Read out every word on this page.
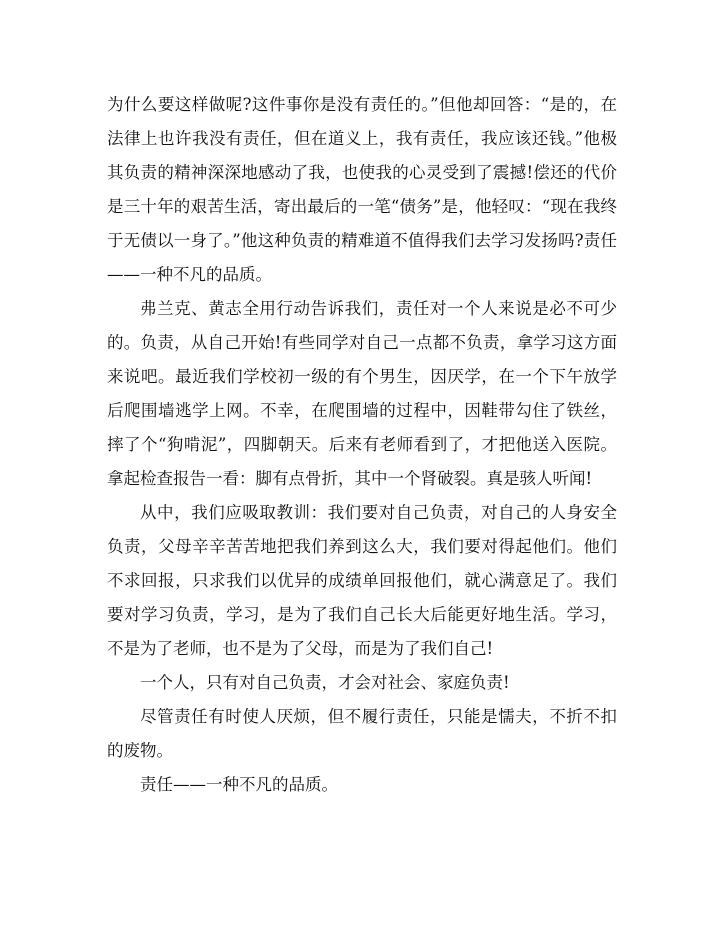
为什么要这样做呢?这件事你是没有责任的。”但他却回答：“是的，在法律上也许我没有责任，但在道义上，我有责任，我应该还钱。”他极其负责的精神深深地感动了我，也使我的心灵受到了震撼!偿还的代价是三十年的艰苦生活，寄出最后的一笔“债务”是，他轻叹：“现在我终于无债以一身了。”他这种负责的精难道不值得我们去学习发扬吗?责任——一种不凡的品质。

弗兰克、黄志全用行动告诉我们，责任对一个人来说是必不可少的。负责，从自己开始!有些同学对自己一点都不负责，拿学习这方面来说吧。最近我们学校初一级的有个男生，因厌学，在一个下午放学后爬围墙逃学上网。不幸，在爬围墙的过程中，因鞋带勾住了铁丝，摔了个“狗啃泥”，四脚朝天。后来有老师看到了，才把他送入医院。拿起检查报告一看：脚有点骨折，其中一个肾破裂。真是骇人听闻!

从中，我们应吸取教训：我们要对自己负责，对自己的人身安全负责，父母辛辛苦苦地把我们养到这么大，我们要对得起他们。他们不求回报，只求我们以优异的成绩单回报他们，就心满意足了。我们要对学习负责，学习，是为了我们自己长大后能更好地生活。学习，不是为了老师，也不是为了父母，而是为了我们自己!

一个人，只有对自己负责，才会对社会、家庭负责!

尽管责任有时使人厌烦，但不履行责任，只能是懦夫，不折不扣的废物。

责任——一种不凡的品质。
